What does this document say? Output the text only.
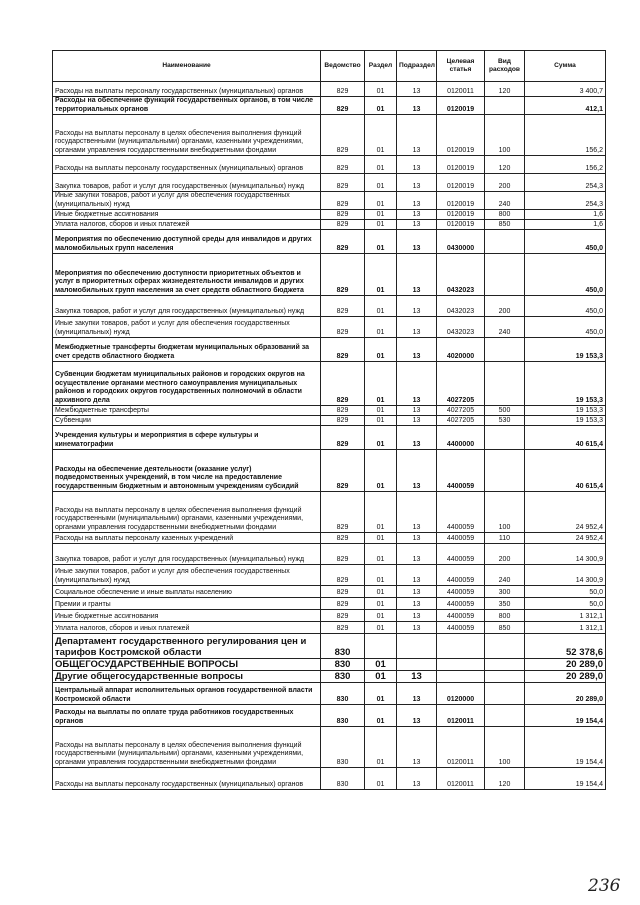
Наименование	Ведомство	Раздел	Подраздел	Целевая статья	Вид расходов	Сумма
Расходы на выплаты персоналу государственных (муниципальных) органов	829	01	13	0120011	120	3 400,7
Расходы на обеспечение функций государственных органов, в том числе территориальных органов	829	01	13	0120019		412,1
Расходы на выплаты персоналу в целях обеспечения выполнения функций государственными (муниципальными) органами, казенными учреждениями, органами управления государственными внебюджетными фондами	829	01	13	0120019	100	156,2
Расходы на выплаты персоналу государственных (муниципальных) органов	829	01	13	0120019	120	156,2
Закупка товаров, работ и услуг для государственных (муниципальных) нужд	829	01	13	0120019	200	254,3
Иные закупки товаров, работ и услуг для обеспечения государственных (муниципальных) нужд	829	01	13	0120019	240	254,3
Иные бюджетные ассигнования	829	01	13	0120019	800	1,6
Уплата налогов, сборов и иных платежей	829	01	13	0120019	850	1,6
Мероприятия по обеспечению доступной среды для инвалидов и других маломобильных групп населения	829	01	13	0430000		450,0
Мероприятия по обеспечению доступности приоритетных объектов и услуг в приоритетных сферах жизнедеятельности инвалидов и других маломобильных групп населения за счет средств областного бюджета	829	01	13	0432023		450,0
Закупка товаров, работ и услуг для государственных (муниципальных) нужд	829	01	13	0432023	200	450,0
Иные закупки товаров, работ и услуг для обеспечения государственных (муниципальных) нужд	829	01	13	0432023	240	450,0
Межбюджетные трансферты бюджетам муниципальных образований за счет средств областного бюджета	829	01	13	4020000		19 153,3
Субвенции бюджетам муниципальных районов и городских округов на осуществление органами местного самоуправления муниципальных районов и городских округов государственных полномочий в области архивного дела	829	01	13	4027205		19 153,3
Межбюджетные трансферты	829	01	13	4027205	500	19 153,3
Субвенции	829	01	13	4027205	530	19 153,3
Учреждения культуры и мероприятия в сфере культуры и кинематографии	829	01	13	4400000		40 615,4
Расходы на обеспечение деятельности (оказание услуг) подведомственных учреждений, в том числе на предоставление государственным бюджетным и автономным учреждениям субсидий	829	01	13	4400059		40 615,4
Расходы на выплаты персоналу в целях обеспечения выполнения функций государственными (муниципальными) органами, казенными учреждениями, органами управления государственными внебюджетными фондами	829	01	13	4400059	100	24 952,4
Расходы на выплаты персоналу казенных учреждений	829	01	13	4400059	110	24 952,4
Закупка товаров, работ и услуг для государственных (муниципальных) нужд	829	01	13	4400059	200	14 300,9
Иные закупки товаров, работ и услуг для обеспечения государственных (муниципальных) нужд	829	01	13	4400059	240	14 300,9
Социальное обеспечение и иные выплаты населению	829	01	13	4400059	300	50,0
Премии и гранты	829	01	13	4400059	350	50,0
Иные бюджетные ассигнования	829	01	13	4400059	800	1 312,1
Уплата налогов, сборов и иных платежей	829	01	13	4400059	850	1 312,1
Департамент государственного регулирования цен и тарифов Костромской области	830					52 378,6
ОБЩЕГОСУДАРСТВЕННЫЕ ВОПРОСЫ	830	01				20 289,0
Другие общегосударственные вопросы	830	01	13			20 289,0
Центральный аппарат исполнительных органов государственной власти Костромской области	830	01	13	0120000		20 289,0
Расходы на выплаты по оплате труда работников государственных органов	830	01	13	0120011		19 154,4
Расходы на выплаты персоналу в целях обеспечения выполнения функций государственными (муниципальными) органами, казенными учреждениями, органами управления государственными внебюджетными фондами	830	01	13	0120011	100	19 154,4
Расходы на выплаты персоналу государственных (муниципальных) органов	830	01	13	0120011	120	19 154,4
236
